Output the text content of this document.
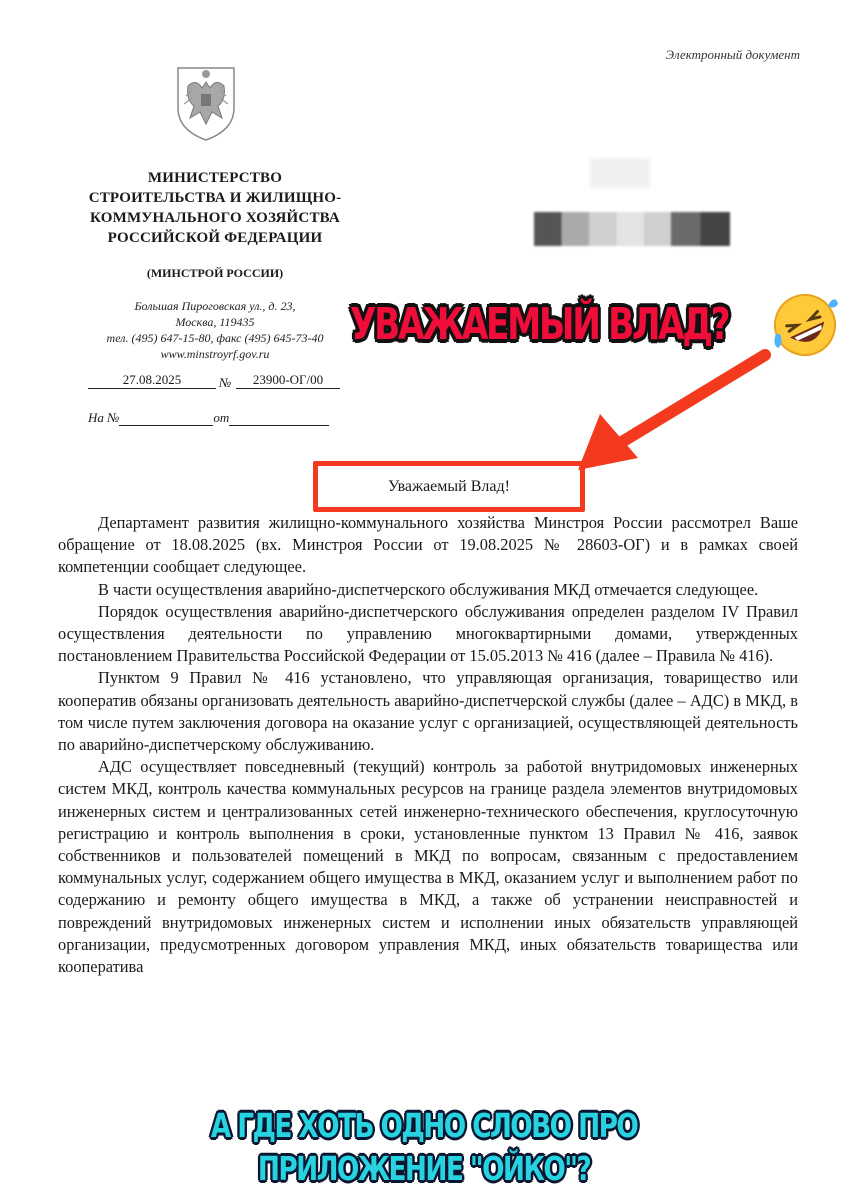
Электронный документ
МИНИСТЕРСТВО
СТРОИТЕЛЬСТВА И ЖИЛИЩНО-
КОММУНАЛЬНОГО ХОЗЯЙСТВА
РОССИЙСКОЙ ФЕДЕРАЦИИ
(МИНСТРОЙ РОССИИ)
Большая Пироговская ул., д. 23,
Москва, 119435
тел. (495) 647-15-80, факс (495) 645-73-40
www.minstroyrf.gov.ru
27.08.2025	№	23900-ОГ/00
На №	от
Уважаемый Влад!

Департамент развития жилищно-коммунального хозяйства Минстроя России рассмотрел Ваше обращение от 18.08.2025 (вх. Минстроя России от 19.08.2025 № 28603-ОГ) и в рамках своей компетенции сообщает следующее.

В части осуществления аварийно-диспетчерского обслуживания МКД отмечается следующее.

Порядок осуществления аварийно-диспетчерского обслуживания определен разделом IV Правил осуществления деятельности по управлению многоквартирными домами, утвержденных постановлением Правительства Российской Федерации от 15.05.2013 № 416 (далее – Правила № 416).

Пунктом 9 Правил № 416 установлено, что управляющая организация, товарищество или кооператив обязаны организовать деятельность аварийно-диспетчерской службы (далее – АДС) в МКД, в том числе путем заключения договора на оказание услуг с организацией, осуществляющей деятельность по аварийно-диспетчерскому обслуживанию.

АДС осуществляет повседневный (текущий) контроль за работой внутридомовых инженерных систем МКД, контроль качества коммунальных ресурсов на границе раздела элементов внутридомовых инженерных систем и централизованных сетей инженерно-технического обеспечения, круглосуточную регистрацию и контроль выполнения в сроки, установленные пунктом 13 Правил № 416, заявок собственников и пользователей помещений в МКД по вопросам, связанным с предоставлением коммунальных услуг, содержанием общего имущества в МКД, оказанием услуг и выполнением работ по содержанию и ремонту общего имущества в МКД, а также об устранении неисправностей и повреждений внутридомовых инженерных систем и исполнении иных обязательств управляющей организации, предусмотренных договором управления МКД, иных обязательств товарищества или кооператива

УВАЖАЕМЫЙ ВЛАД?
А ГДЕ ХОТЬ ОДНО СЛОВО ПРО
ПРИЛОЖЕНИЕ "ОЙКО"?
